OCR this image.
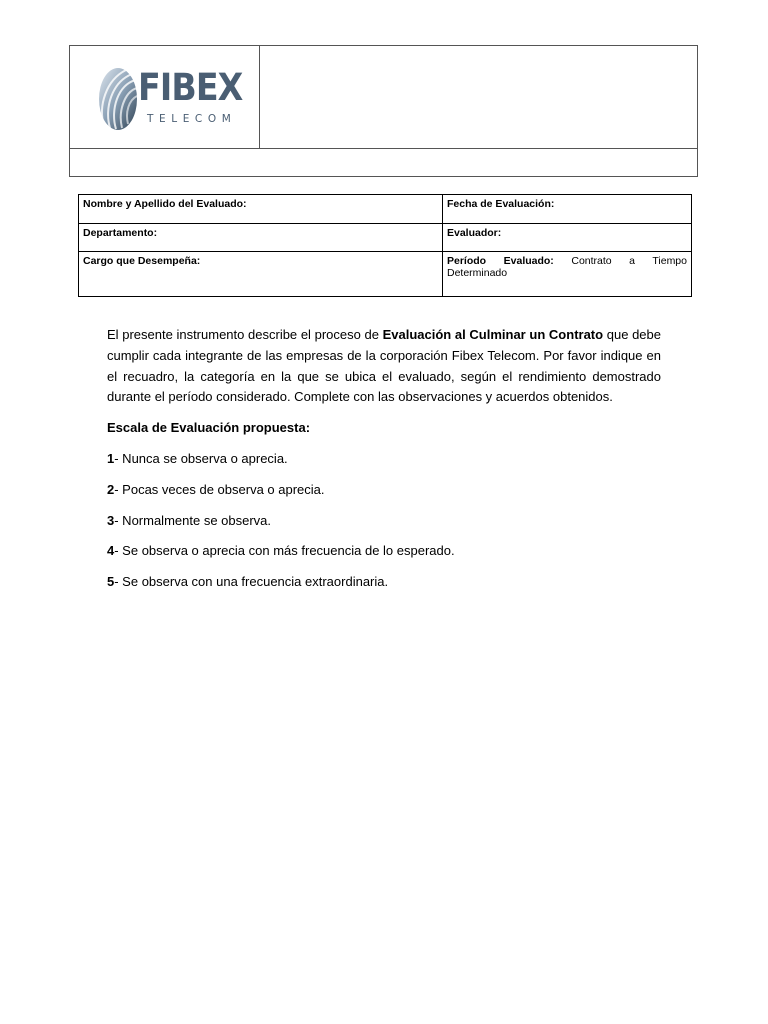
FIBEX
TELECOM
Nombre y Apellido del Evaluado:	Fecha de Evaluación:
Departamento:	Evaluador:
Cargo que Desempeña:	Período Evaluado: Contrato a Tiempo
Determinado

El presente instrumento describe el proceso de Evaluación al Culminar un Contrato que debe cumplir cada integrante de las empresas de la corporación Fibex Telecom. Por favor indique en el recuadro, la categoría en la que se ubica el evaluado, según el rendimiento demostrado durante el período considerado. Complete con las observaciones y acuerdos obtenidos.

Escala de Evaluación propuesta:

1- Nunca se observa o aprecia.

2- Pocas veces de observa o aprecia.

3- Normalmente se observa.

4- Se observa o aprecia con más frecuencia de lo esperado.

5- Se observa con una frecuencia extraordinaria.
